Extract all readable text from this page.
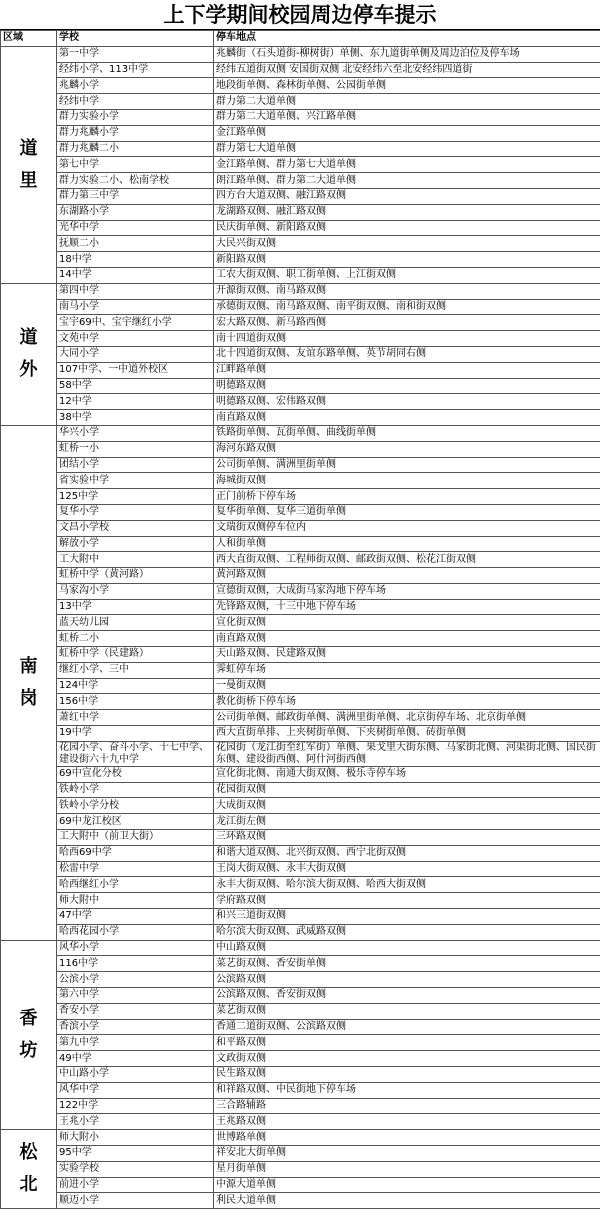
上下学期间校园周边停车提示
区域	学校	停车地点
道
里	第一中学	兆麟街（石头道街-柳树街）单侧、东九道街单侧及周边泊位及停车场
	经纬小学、113中学	经纬五道街双侧 安国街双侧 北安经纬六至北安经纬四道街
	兆麟小学	地段街单侧、森林街单侧、公园街单侧
	经纬中学	群力第二大道单侧
	群力实验小学	群力第二大道单侧、兴江路单侧
	群力兆麟小学	金江路单侧
	群力兆麟二小	群力第七大道单侧
	第七中学	金江路单侧、群力第七大道单侧
	群力实验二小、松南学校	朗江路单侧、群力第二大道单侧
	群力第三中学	四方台大道双侧、融江路双侧
	东湖路小学	龙湖路双侧、融汇路双侧
	光华中学	民庆街单侧、新阳路双侧
	抚顺二小	大民兴街双侧
	18中学	新阳路双侧
	14中学	工农大街双侧、职工街单侧、上江街双侧
道
外	第四中学	开源街双侧、南马路双侧
	南马小学	承德街双侧、南马路双侧、南平街双侧、南和街双侧
	宝宇69中、宝宇继红小学	宏大路双侧、新马路西侧
	文苑中学	南十四道街双侧
	大同小学	北十四道街双侧、友谊东路单侧、英节胡同右侧
	107中学、一中道外校区	江畔路单侧
	58中学	明德路双侧
	12中学	明德路双侧、宏伟路双侧
	38中学	南直路双侧
南
岗	华兴小学	铁路街单侧、瓦街单侧、曲线街单侧
	虹桥一小	海河东路双侧
	团结小学	公司街单侧、满洲里街单侧
	省实验中学	海城街双侧
	125中学	正门前桥下停车场
	复华小学	复华街单侧、复华三道街单侧
	文昌小学校	文瑞街双侧停车位内
	解放小学	人和街单侧
	工大附中	西大直街双侧、工程师街双侧、邮政街双侧、松花江街双侧
	虹桥中学（黄河路）	黄河路双侧
	马家沟小学	宣德街双侧，大成街马家沟地下停车场
	13中学	先锋路双侧，十三中地下停车场
	蓝天幼儿园	宣化街双侧
	虹桥二小	南直路双侧
	虹桥中学（民建路）	天山路双侧、民建路双侧
	继红小学、三中	霁虹停车场
	124中学	一曼街双侧
	156中学	教化街桥下停车场
	萧红中学	公司街单侧、邮政街单侧、满洲里街单侧、北京街停车场、北京街单侧
	19中学	西大直街单排、上夹树街单侧、下夹树街单侧、砖街单侧
	花园小学、奋斗小学、十七中学、建设街六十九中学	花园街（龙江街至红军街）单侧、果戈里大街东侧、马家街北侧、河渠街北侧、国民街东侧、建设街西侧、阿什河街西侧
	69中宣化分校	宣化街北侧、南通大街双侧、极乐寺停车场
	铁岭小学	花园街双侧
	铁岭小学分校	大成街双侧
	69中龙江校区	龙江街左侧
	工大附中（前卫大街）	三环路双侧
	哈西69中学	和谐大道双侧、北兴街双侧、西宁北街双侧
	松雷中学	王岗大街双侧、永丰大街双侧
	哈西继红小学	永丰大街双侧、哈尔滨大街双侧、哈西大街双侧
	师大附中	学府路双侧
	47中学	和兴三道街双侧
	哈西花园小学	哈尔滨大街双侧、武威路双侧
香
坊	风华小学	中山路双侧
	116中学	菜艺街双侧、香安街单侧
	公滨小学	公滨路双侧
	第六中学	公滨路双侧、香安街双侧
	香安小学	菜艺街双侧
	香滨小学	香通二道街双侧、公滨路双侧
	第九中学	和平路双侧
	49中学	文政街双侧
	中山路小学	民生路双侧
	风华中学	和祥路双侧、中民街地下停车场
	122中学	三合路辅路
	王兆小学	王兆路双侧
松
北	师大附小	世博路单侧
	95中学	祥安北大街单侧
	实验学校	星月街单侧
	前进小学	中源大道单侧
	顺迈小学	利民大道单侧
